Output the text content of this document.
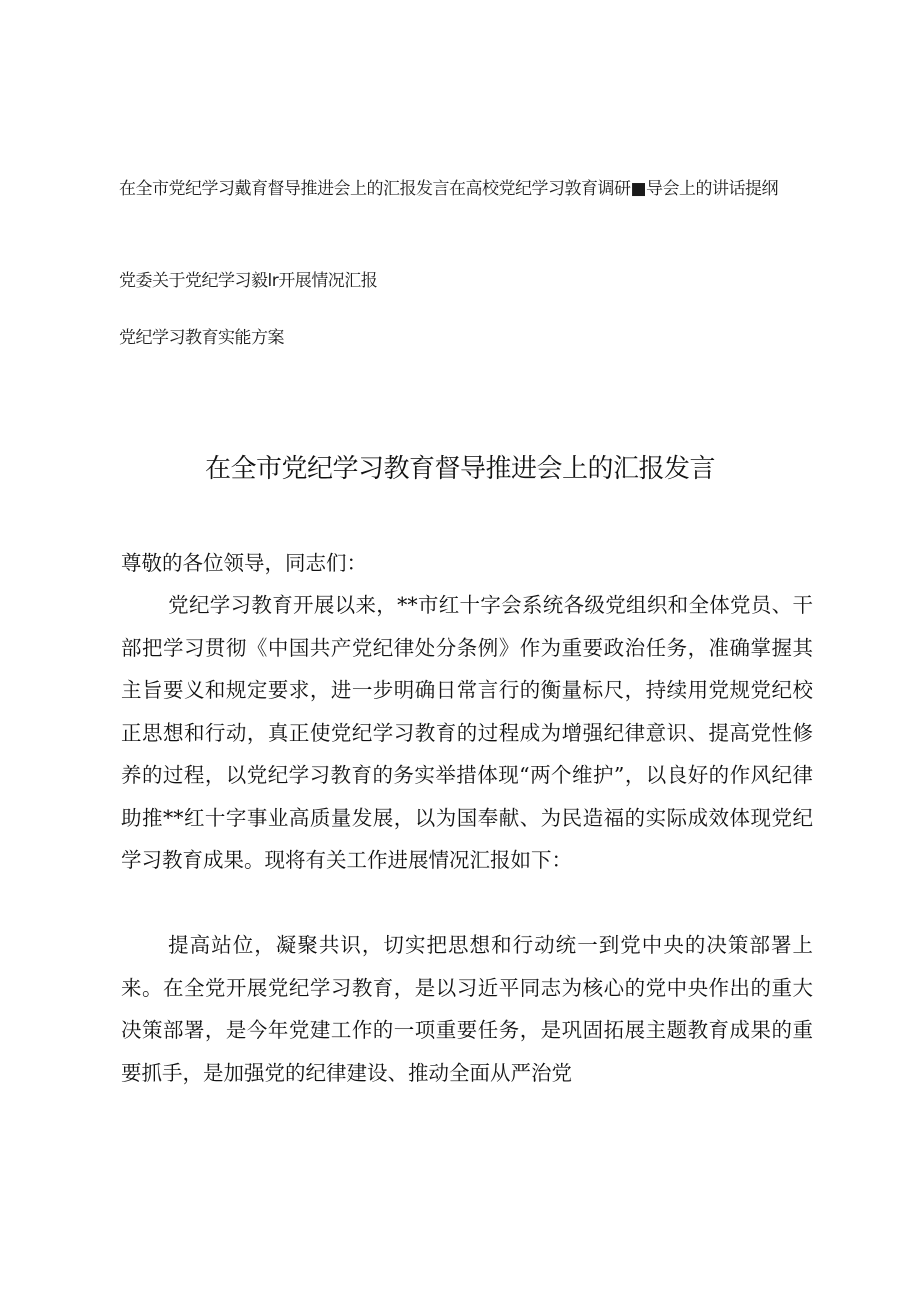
在全市党纪学习戴育督导推进会上的汇报发言在高校党纪学习敦育调研■导会上的讲话提纲
党委关于党纪学习毅lr开展情况汇报
党纪学习教育实能方案
在全市党纪学习教育督导推进会上的汇报发言
尊敬的各位领导，同志们：
党纪学习教育开展以来，**市红十字会系统各级党组织和全体党员、干部把学习贯彻《中国共产党纪律处分条例》作为重要政治任务，准确掌握其主旨要义和规定要求，进一步明确日常言行的衡量标尺，持续用党规党纪校正思想和行动，真正使党纪学习教育的过程成为增强纪律意识、提高党性修养的过程，以党纪学习教育的务实举措体现“两个维护”，以良好的作风纪律助推**红十字事业高质量发展，以为国奉献、为民造福的实际成效体现党纪学习教育成果。现将有关工作进展情况汇报如下：
提高站位，凝聚共识，切实把思想和行动统一到党中央的决策部署上来。在全党开展党纪学习教育，是以习近平同志为核心的党中央作出的重大决策部署，是今年党建工作的一项重要任务，是巩固拓展主题教育成果的重要抓手，是加强党的纪律建设、推动全面从严治党
